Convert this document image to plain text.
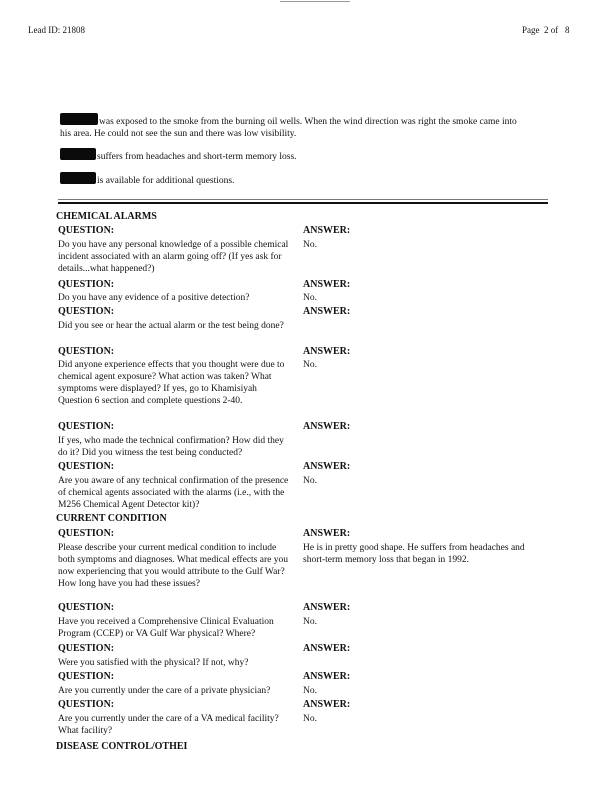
Lead ID: 21808	Page 2 of 8
was exposed to the smoke from the burning oil wells. When the wind direction was right the smoke came into his area. He could not see the sun and there was low visibility.
suffers from headaches and short-term memory loss.
is available for additional questions.
CHEMICAL ALARMS
QUESTION:	ANSWER:
Do you have any personal knowledge of a possible chemical incident associated with an alarm going off? (If yes ask for details...what happened?)
No.
QUESTION:	ANSWER:
Do you have any evidence of a positive detection?	No.
QUESTION:	ANSWER:
Did you see or hear the actual alarm or the test being done?
QUESTION:	ANSWER:
Did anyone experience effects that you thought were due to chemical agent exposure? What action was taken? What symptoms were displayed? If yes, go to Khamisiyah Question 6 section and complete questions 2-40.
No.
QUESTION:	ANSWER:
If yes, who made the technical confirmation? How did they do it? Did you witness the test being conducted?
QUESTION:	ANSWER:
Are you aware of any technical confirmation of the presence of chemical agents associated with the alarms (i.e., with the M256 Chemical Agent Detector kit)?
No.
CURRENT CONDITION
QUESTION:	ANSWER:
Please describe your current medical condition to include both symptoms and diagnoses. What medical effects are you now experiencing that you would attribute to the Gulf War? How long have you had these issues?
He is in pretty good shape. He suffers from headaches and short-term memory loss that began in 1992.
QUESTION:	ANSWER:
Have you received a Comprehensive Clinical Evaluation Program (CCEP) or VA Gulf War physical? Where?
No.
QUESTION:	ANSWER:
Were you satisfied with the physical? If not, why?
QUESTION:	ANSWER:
Are you currently under the care of a private physician?	No.
QUESTION:	ANSWER:
Are you currently under the care of a VA medical facility? What facility?
No.
DISEASE CONTROL/OTHEI
